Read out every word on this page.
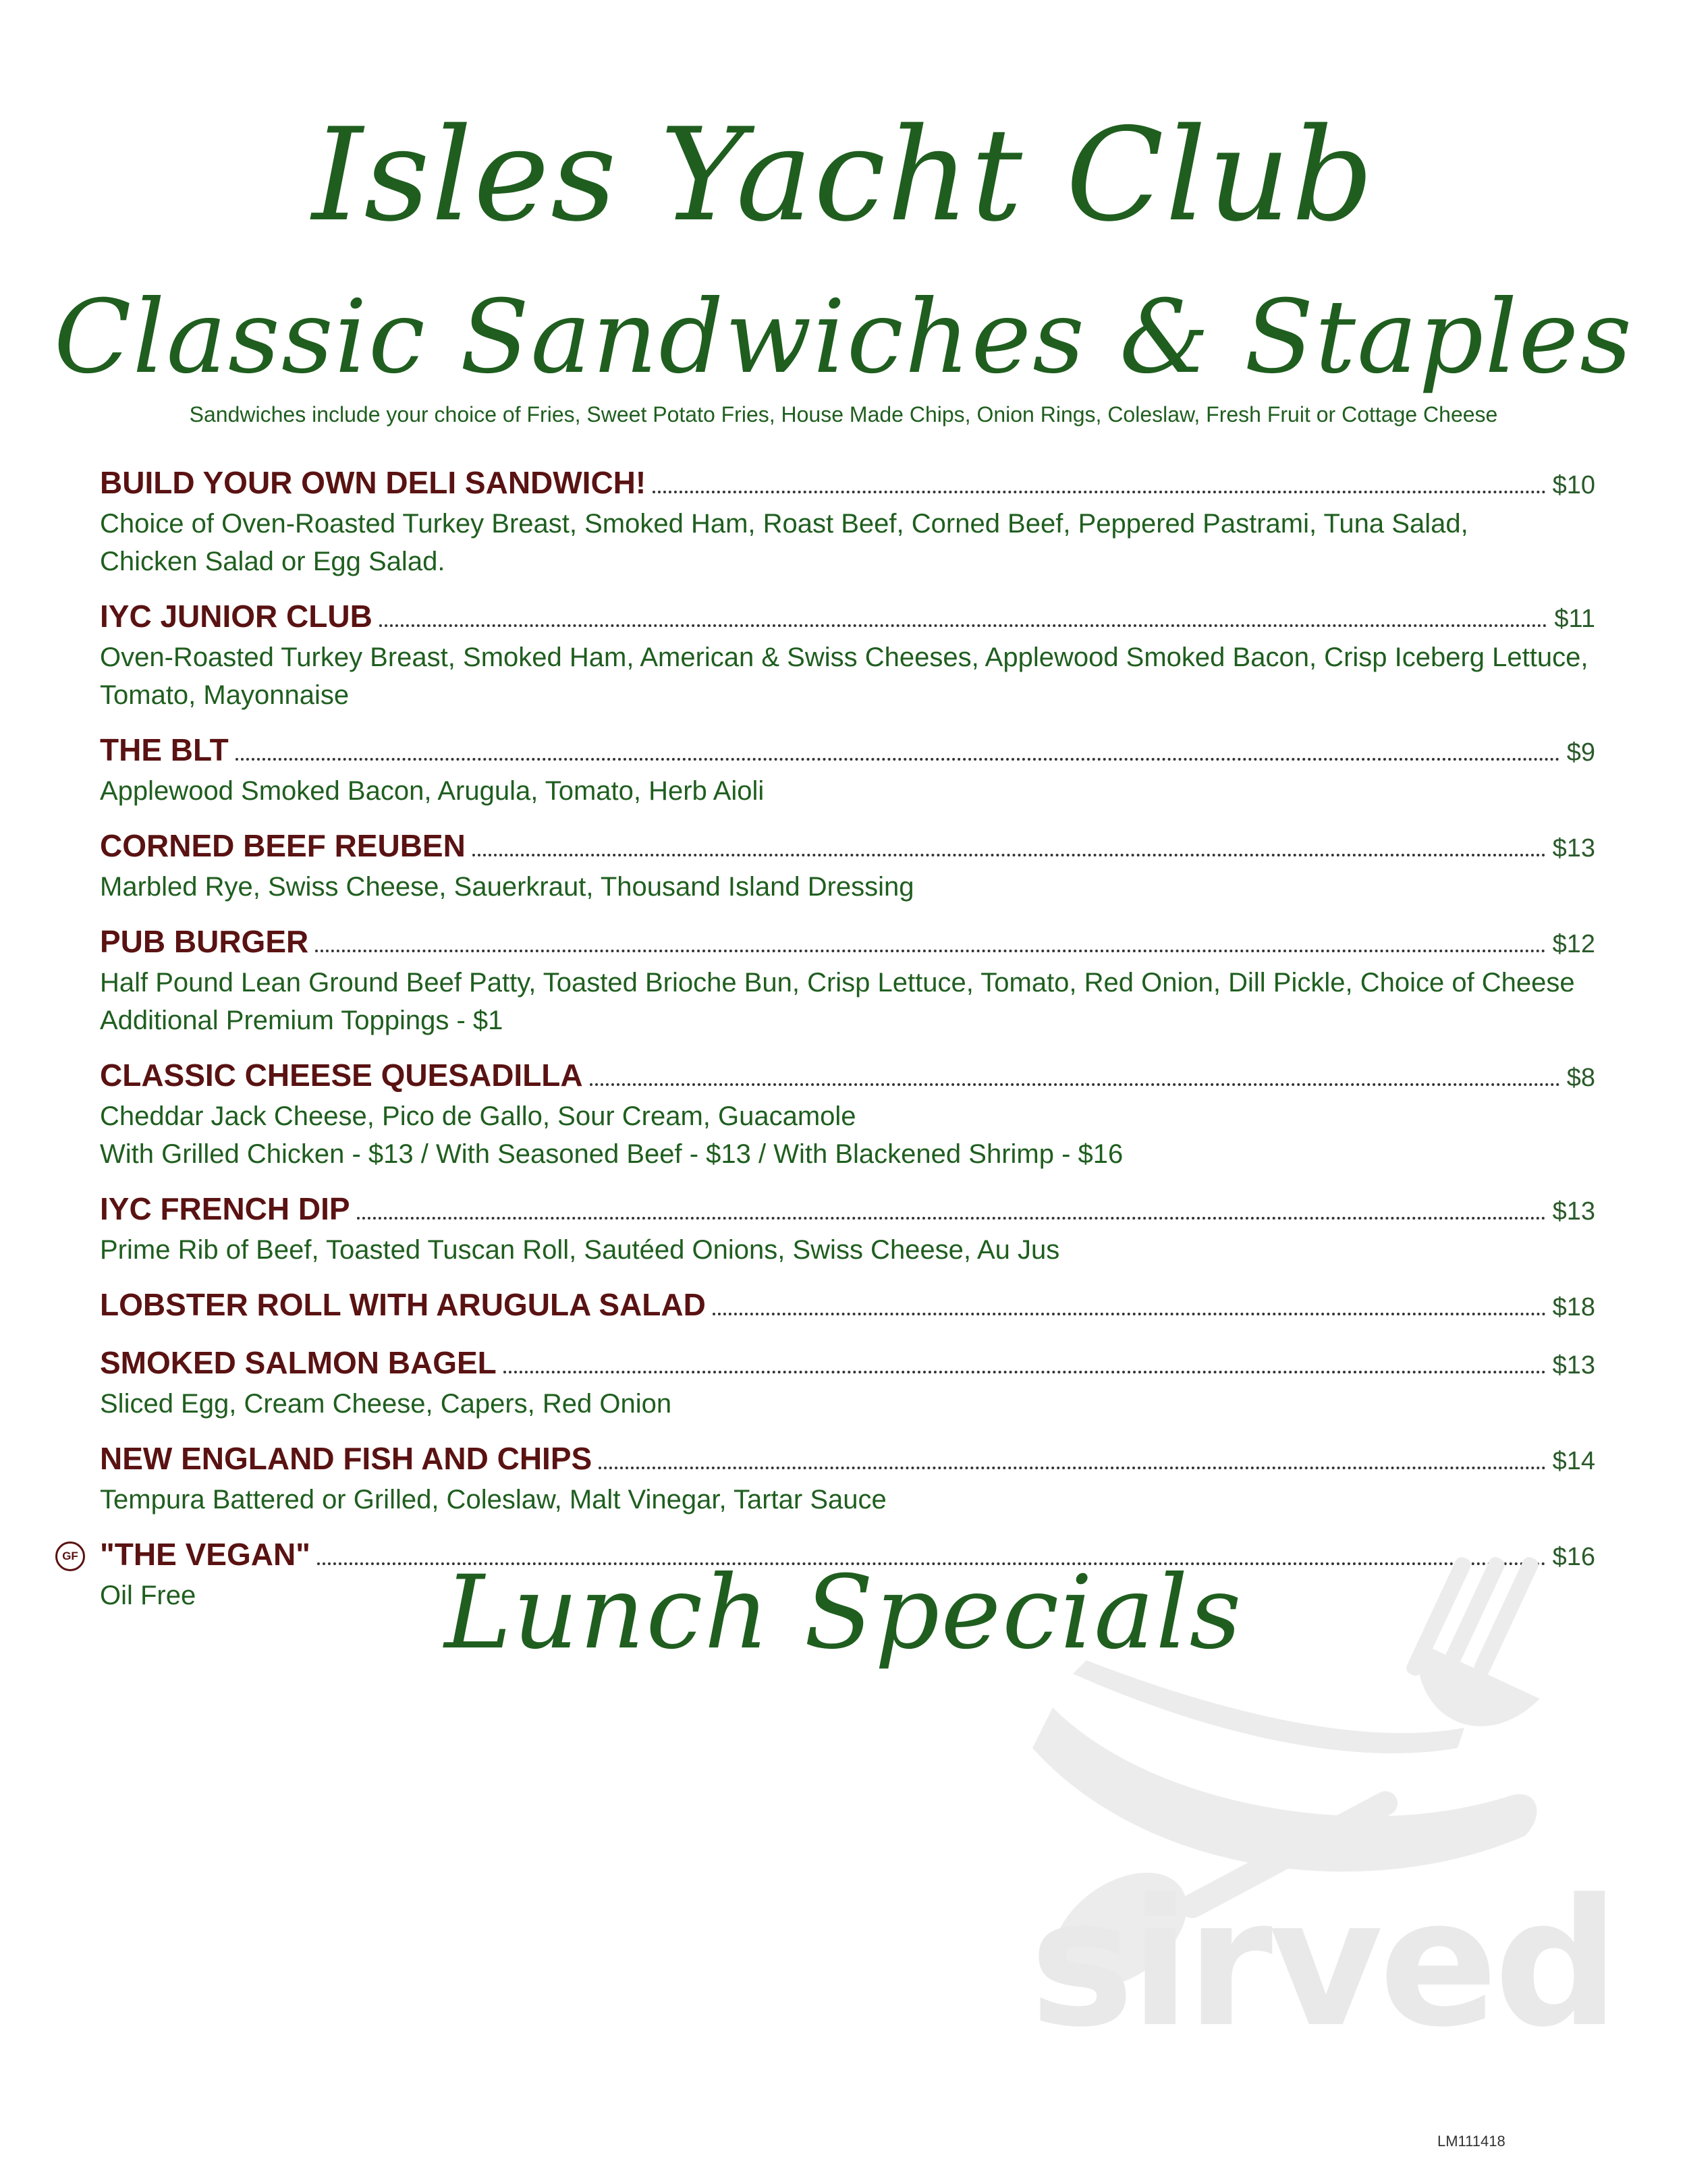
Isles Yacht Club
Classic Sandwiches & Staples
Sandwiches include your choice of Fries, Sweet Potato Fries, House Made Chips, Onion Rings, Coleslaw, Fresh Fruit or Cottage Cheese
BUILD YOUR OWN DELI SANDWICH!	$10
Choice of Oven-Roasted Turkey Breast, Smoked Ham, Roast Beef, Corned Beef, Peppered Pastrami, Tuna Salad,
Chicken Salad or Egg Salad.
IYC JUNIOR CLUB	$11
Oven-Roasted Turkey Breast, Smoked Ham, American & Swiss Cheeses, Applewood Smoked Bacon, Crisp Iceberg Lettuce,
Tomato, Mayonnaise
THE BLT	$9
Applewood Smoked Bacon, Arugula, Tomato, Herb Aioli
CORNED BEEF REUBEN	$13
Marbled Rye, Swiss Cheese, Sauerkraut, Thousand Island Dressing
PUB BURGER	$12
Half Pound Lean Ground Beef Patty, Toasted Brioche Bun, Crisp Lettuce, Tomato, Red Onion, Dill Pickle, Choice of Cheese
Additional Premium Toppings - $1
CLASSIC CHEESE QUESADILLA	$8
Cheddar Jack Cheese, Pico de Gallo, Sour Cream, Guacamole
With Grilled Chicken - $13 / With Seasoned Beef - $13 / With Blackened Shrimp - $16
IYC FRENCH DIP	$13
Prime Rib of Beef, Toasted Tuscan Roll, Sautéed Onions, Swiss Cheese, Au Jus
LOBSTER ROLL WITH ARUGULA SALAD	$18
SMOKED SALMON BAGEL	$13
Sliced Egg, Cream Cheese, Capers, Red Onion
NEW ENGLAND FISH AND CHIPS	$14
Tempura Battered or Grilled, Coleslaw, Malt Vinegar, Tartar Sauce
GF "THE VEGAN"	$16
Oil Free	Lunch Specials
sirved
LM111418
